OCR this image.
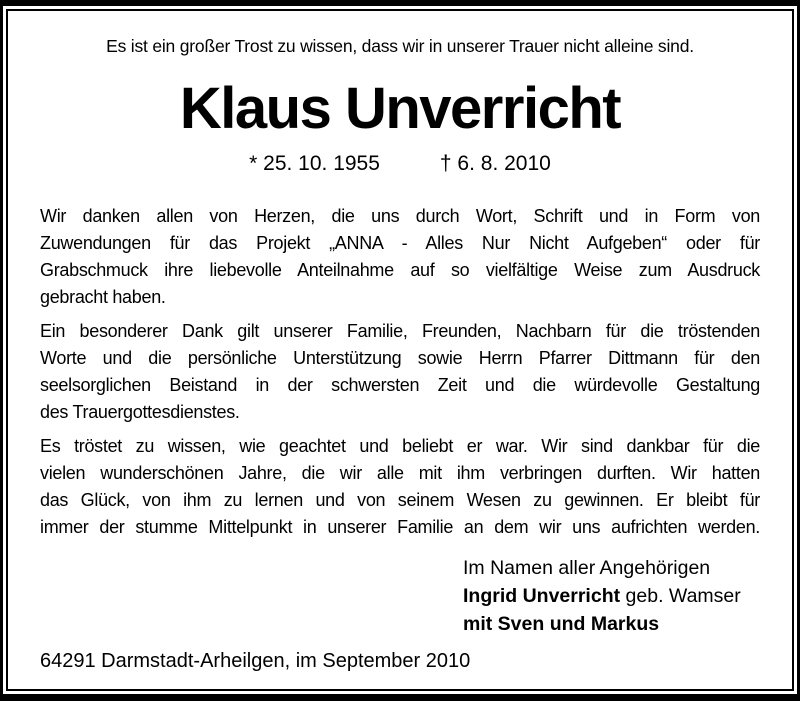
Es ist ein großer Trost zu wissen, dass wir in unserer Trauer nicht alleine sind.
Klaus Unverricht
* 25. 10. 1955	† 6. 8. 2010
Wir danken allen von Herzen, die uns durch Wort, Schrift und in Form von
Zuwendungen für das Projekt „ANNA - Alles Nur Nicht Aufgeben“ oder für
Grabschmuck ihre liebevolle Anteilnahme auf so vielfältige Weise zum Ausdruck
gebracht haben.
Ein besonderer Dank gilt unserer Familie, Freunden, Nachbarn für die tröstenden
Worte und die persönliche Unterstützung sowie Herrn Pfarrer Dittmann für den
seelsorglichen Beistand in der schwersten Zeit und die würdevolle Gestaltung
des Trauergottesdienstes.
Es tröstet zu wissen, wie geachtet und beliebt er war. Wir sind dankbar für die
vielen wunderschönen Jahre, die wir alle mit ihm verbringen durften. Wir hatten
das Glück, von ihm zu lernen und von seinem Wesen zu gewinnen. Er bleibt für
immer der stumme Mittelpunkt in unserer Familie an dem wir uns aufrichten werden.
Im Namen aller Angehörigen
Ingrid Unverricht geb. Wamser
mit Sven und Markus
64291 Darmstadt-Arheilgen, im September 2010
